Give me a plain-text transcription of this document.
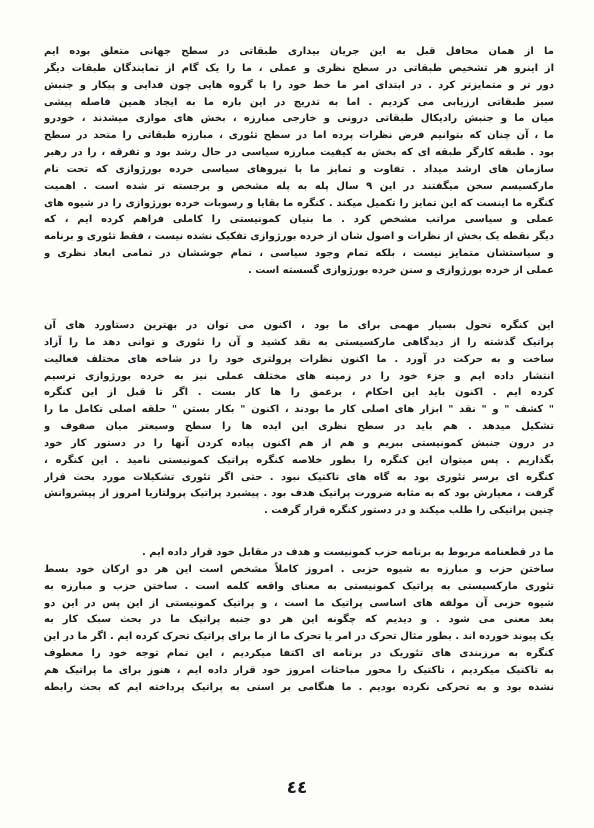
ما از همان محافل قبل به این جریان بیداری طبقاتی در سطح جهانی متعلق بوده ایم
از اینرو هر تشخیص طبقاتی در سطح نظری و عملی ، ما را یک گام از تمایندگان طبقات دیگر
دور تر و متمایزتر کرد . در ابتدای امر ما خط خود را با گروه هایی چون فدایی و پیکار و جنبش
سبز طبقاتی ارزیابی می کردیم . اما به تدریج در این باره ما به ایجاد همین فاصله پیشی
میان ما و جنبش رادیکال طبقاتی درونی و خارجی مبارزه ، بخش های موازی میشدند ، خودرو
ما ، آن چنان که بتوانیم فرض نظرات پرده اما در سطح تئوری ، مبارزه طبقاتی را متحد در سطح
بود . طبقه کارگر طبقه ای که بخش به کیفیت مبارزه سیاسی در حال رشد بود و تفرقه ، را در رهبر
سازمان های ارشد میداد . تفاوت و تمایز ما با نیروهای سیاسی خرده بورژوازی که تحت نام
مارکسیسم سخن میگفتند در این ۹ سال پله به پله مشخص و برجسته تر شده است . اهمیت
کنگره ما اینست که این تمایز را تکمیل میکند . کنگره ما بقایا و رسوبات خرده بورژوازی را در شیوه های
عملی و سیاسی مراتب مشخص کرد . ما بنیان کمونیستی را کاملی فراهم کرده ایم ، که
دیگر نقطه یک بخش از نظرات و اصول شان از خرده بورژوازی تفکیک نشده نیست ، فقط تئوری و برنامه
و سیاستشان متمایز نیست ، بلکه تمام وجود سیاسی ، تمام جوششان در تمامی ابعاد نظری و
عملی از خرده بورژوازی و سنن خرده بورژوازی گسسته است .
این کنگره تحول بسیار مهمی برای ما بود ، اکنون می توان در بهترین دستاورد های آن
پراتیک گذشته را از دیدگاهی مارکسیستی به نقد کشید و آن را تئوری و توانی دهد ما را آزاد
ساخت و به حرکت در آورد . ما اکنون نظرات پرولتری خود را در شاخه های مختلف فعالیت
انتشار داده ایم و جزء خود را در زمینه های مختلف عملی نیز به خرده بورژوازی ترسیم
کرده ایم . اکنون باید این احکام ، برعمق را ها کار بست . اگر تا قبل از این کنگره
" کشف " و " نقد " ابزار های اصلی کار ما بودند ، اکنون " بکار بستن " حلقه اصلی تکامل ما را
تشکیل میدهد . هم باید در سطح نظری این ایده ها را سطح وسیعتر میان صفوف و
در درون جنبش کمونیستی ببریم و هم از هم اکنون پیاده کردن آنها را در دستور کار خود
بگذاریم . پس میتوان این کنگره را بطور خلاصه کنگره پراتیک کمونیستی نامید . این کنگره ،
کنگره ای برسر تئوری بود به گاه های تاکتیک نبود . حتی اگر تئوری تشکیلات مورد بحث قرار
گرفت ، معیارش بود که به مثابه ضرورت پراتیک هدف بود . پیشبرد پراتیک پرولتاریا امروز از پیشروانش
چنین پراتیکی را طلب میکند و در دستور کنگره قرار گرفت .
ما در قطعنامه مربوط به برنامه حزب کمونیست و هدف در مقابل خود قرار داده ایم .
ساختن حزب و مبارزه به شیوه حزبی . امروز کاملاً مشخص است این هر دو ارکان خود بسط
تئوری مارکسیستی به پراتیک کمونیستی به معنای واقعه کلمه است . ساختن حزب و مبارزه به
شیوه حزبی آن مولفه های اساسی پراتیک ما است ، و پراتیک کمونیستی از این پس در این دو
بعد معنی می شود . و دیدیم که چگونه این هر دو جنبه پراتیک ما در بحث سبک کار به
یک پیوند خورده اند . بطور مثال تحرک در امر یا تحرک ما از ما برای پراتیک تحرک کرده ایم . اگر ما در این
کنگره به مرزبندی های تئوریک در برنامه ای اکتفا میکردیم ، این تمام توجه خود را معطوف
به تاکتیک میکردیم ، تاکتیک را محور مباحثات امروز خود قرار داده ایم ، هنوز برای ما پراتیک هم
نشده بود و به تحرکی نکرده بودیم . ما هنگامی بر استی به پراتیک پرداخته ایم که بحث رابطه
٤٤
